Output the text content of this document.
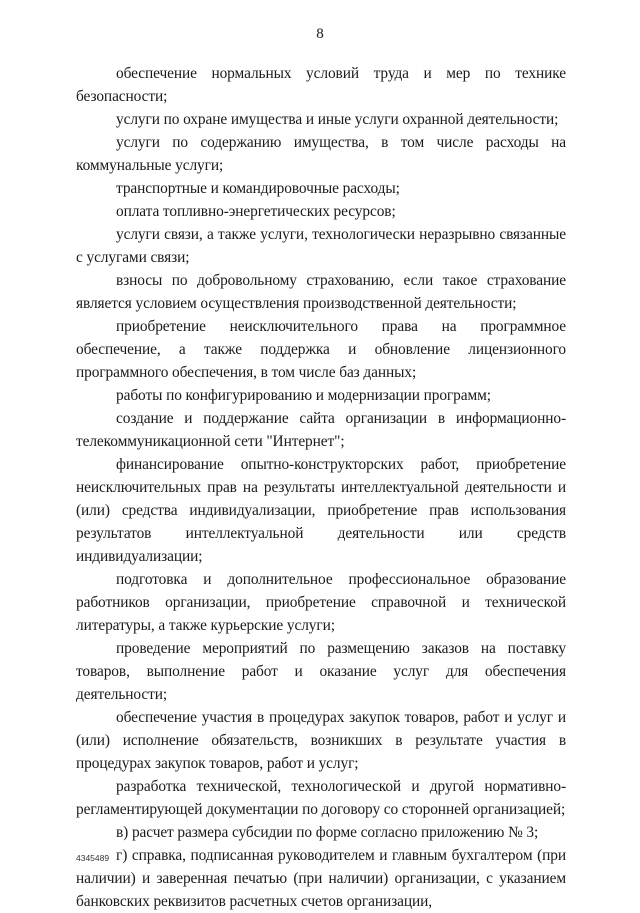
8

обеспечение нормальных условий труда и мер по технике безопасности;

услуги по охране имущества и иные услуги охранной деятельности;

услуги по содержанию имущества, в том числе расходы на коммунальные услуги;

транспортные и командировочные расходы;

оплата топливно-энергетических ресурсов;

услуги связи, а также услуги, технологически неразрывно связанные с услугами связи;

взносы по добровольному страхованию, если такое страхование является условием осуществления производственной деятельности;

приобретение неисключительного права на программное обеспечение, а также поддержка и обновление лицензионного программного обеспечения, в том числе баз данных;

работы по конфигурированию и модернизации программ;

создание и поддержание сайта организации в информационно-телекоммуникационной сети "Интернет";

финансирование опытно-конструкторских работ, приобретение неисключительных прав на результаты интеллектуальной деятельности и (или) средства индивидуализации, приобретение прав использования результатов интеллектуальной деятельности или средств индивидуализации;

подготовка и дополнительное профессиональное образование работников организации, приобретение справочной и технической литературы, а также курьерские услуги;

проведение мероприятий по размещению заказов на поставку товаров, выполнение работ и оказание услуг для обеспечения деятельности;

обеспечение участия в процедурах закупок товаров, работ и услуг и (или) исполнение обязательств, возникших в результате участия в процедурах закупок товаров, работ и услуг;

разработка технической, технологической и другой нормативно-регламентирующей документации по договору со сторонней организацией;

в) расчет размера субсидии по форме согласно приложению № 3;

г) справка, подписанная руководителем и главным бухгалтером (при наличии) и заверенная печатью (при наличии) организации, с указанием банковских реквизитов расчетных счетов организации,

4345489
